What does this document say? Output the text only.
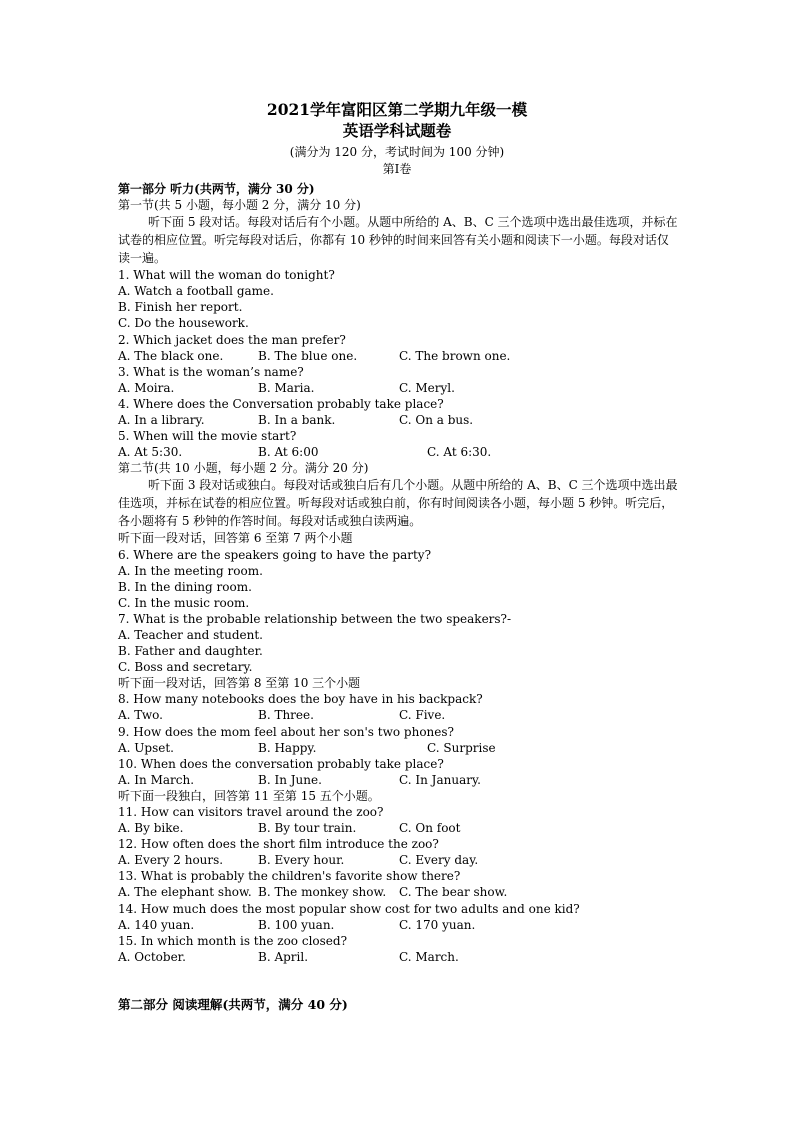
2021学年富阳区第二学期九年级一模

英语学科试题卷

(满分为 120 分，考试时间为 100 分钟)

第Ⅰ卷

第一部分 听力(共两节，满分 30 分)
第一节(共 5 小题，每小题 2 分，满分 10 分)
听下面 5 段对话。每段对话后有个小题。从题中所给的 A、B、C 三个选项中选出最佳选项，并标在试卷的相应位置。听完每段对话后，你都有 10 秒钟的时间来回答有关小题和阅读下一小题。每段对话仅读一遍。
1. What will the woman do tonight?
A. Watch a football game.
B. Finish her report.
C. Do the housework.
2. Which jacket does the man prefer?
A. The black one.	B. The blue one.	C. The brown one.
3. What is the woman’s name?
A. Moira.	B. Maria.	C. Meryl.
4. Where does the Conversation probably take place?
A. In a library.	B. In a bank.	C. On a bus.
5. When will the movie start?
A. At 5:30.	B. At 6:00	C. At 6:30.
第二节(共 10 小题，每小题 2 分。满分 20 分)
听下面 3 段对话或独白。每段对话或独白后有几个小题。从题中所给的 A、B、C 三个选项中选出最佳选项，并标在试卷的相应位置。听每段对话或独白前，你有时间阅读各小题，每小题 5 秒钟。听完后，各小题将有 5 秒钟的作答时间。每段对话或独白读两遍。
听下面一段对话，回答第 6 至第 7 两个小题
6. Where are the speakers going to have the party?
A. In the meeting room.
B. In the dining room.
C. In the music room.
7. What is the probable relationship between the two speakers?-
A. Teacher and student.
B. Father and daughter.
C. Boss and secretary.
听下面一段对话，回答第 8 至第 10 三个小题
8. How many notebooks does the boy have in his backpack?
A. Two.	B. Three.	C. Five.
9. How does the mom feel about her son's two phones?
A. Upset.	B. Happy.	C. Surprise
10. When does the conversation probably take place?
A. In March.	B. In June.	C. In January.
听下面一段独白，回答第 11 至第 15 五个小题。
11. How can visitors travel around the zoo?
A. By bike.	B. By tour train.	C. On foot
12. How often does the short film introduce the zoo?
A. Every 2 hours.	B. Every hour.	C. Every day.
13. What is probably the children's favorite show there?
A. The elephant show. B. The monkey show.	C. The bear show.
14. How much does the most popular show cost for two adults and one kid?
A. 140 yuan.	B. 100 yuan.	C. 170 yuan.
15. In which month is the zoo closed?
A. October.	B. April.	C. March.
第二部分 阅读理解(共两节，满分 40 分)
